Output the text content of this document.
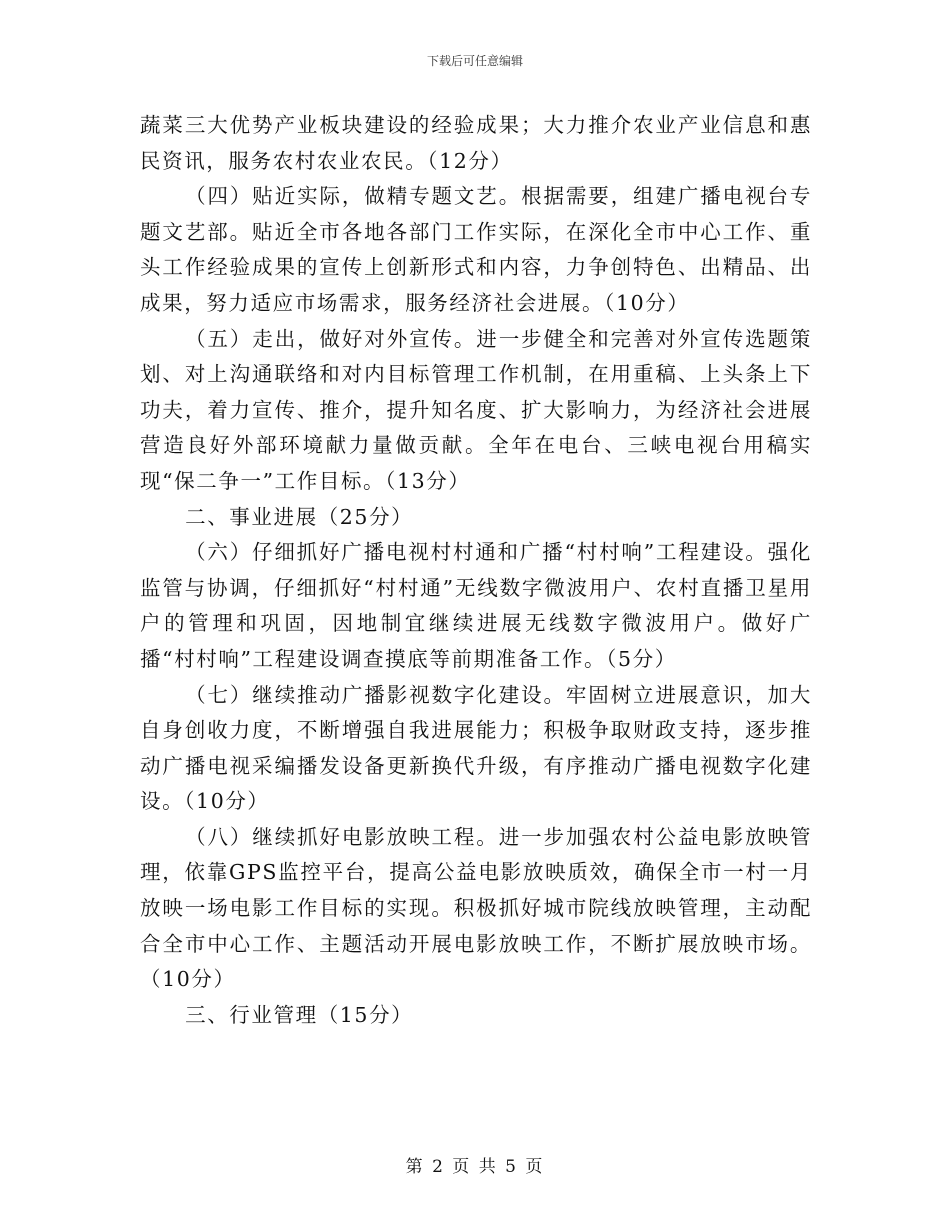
下载后可任意编辑

蔬菜三大优势产业板块建设的经验成果；大力推介农业产业信息和惠民资讯，服务农村农业农民。（12分）

（四）贴近实际，做精专题文艺。根据需要，组建广播电视台专题文艺部。贴近全市各地各部门工作实际，在深化全市中心工作、重头工作经验成果的宣传上创新形式和内容，力争创特色、出精品、出成果，努力适应市场需求，服务经济社会进展。（10分）

（五）走出，做好对外宣传。进一步健全和完善对外宣传选题策划、对上沟通联络和对内目标管理工作机制，在用重稿、上头条上下功夫，着力宣传、推介，提升知名度、扩大影响力，为经济社会进展营造良好外部环境献力量做贡献。全年在电台、三峡电视台用稿实现“保二争一”工作目标。（13分）

二、事业进展（25分）

（六）仔细抓好广播电视村村通和广播“村村响”工程建设。强化监管与协调，仔细抓好“村村通”无线数字微波用户、农村直播卫星用户的管理和巩固，因地制宜继续进展无线数字微波用户。做好广播“村村响”工程建设调查摸底等前期准备工作。（5分）

（七）继续推动广播影视数字化建设。牢固树立进展意识，加大自身创收力度，不断增强自我进展能力；积极争取财政支持，逐步推动广播电视采编播发设备更新换代升级，有序推动广播电视数字化建设。（10分）

（八）继续抓好电影放映工程。进一步加强农村公益电影放映管理，依靠GPS监控平台，提高公益电影放映质效，确保全市一村一月放映一场电影工作目标的实现。积极抓好城市院线放映管理，主动配合全市中心工作、主题活动开展电影放映工作，不断扩展放映市场。（10分）

三、行业管理（15分）

第 2 页 共 5 页
